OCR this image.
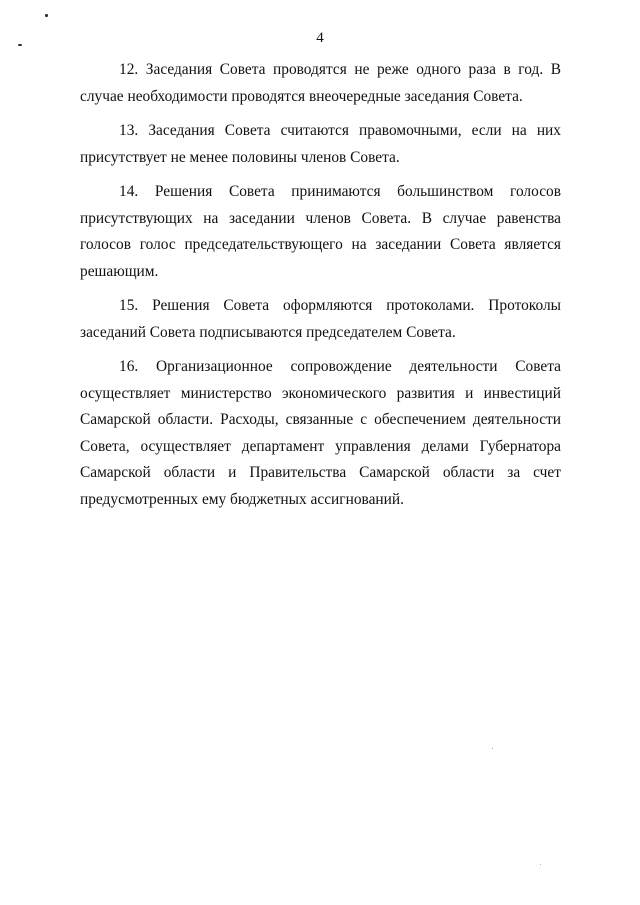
4

12. Заседания Совета проводятся не реже одного раза в год. В случае необходимости проводятся внеочередные заседания Совета.

13. Заседания Совета считаются правомочными, если на них присутствует не менее половины членов Совета.

14. Решения Совета принимаются большинством голосов присутствующих на заседании членов Совета. В случае равенства голосов голос председательствующего на заседании Совета является решающим.

15. Решения Совета оформляются протоколами. Протоколы заседаний Совета подписываются председателем Совета.

16. Организационное сопровождение деятельности Совета осуществляет министерство экономического развития и инвестиций Самарской области. Расходы, связанные с обеспечением деятельности Совета, осуществляет департамент управления делами Губернатора Самарской области и Правительства Самарской области за счет предусмотренных ему бюджетных ассигнований.
